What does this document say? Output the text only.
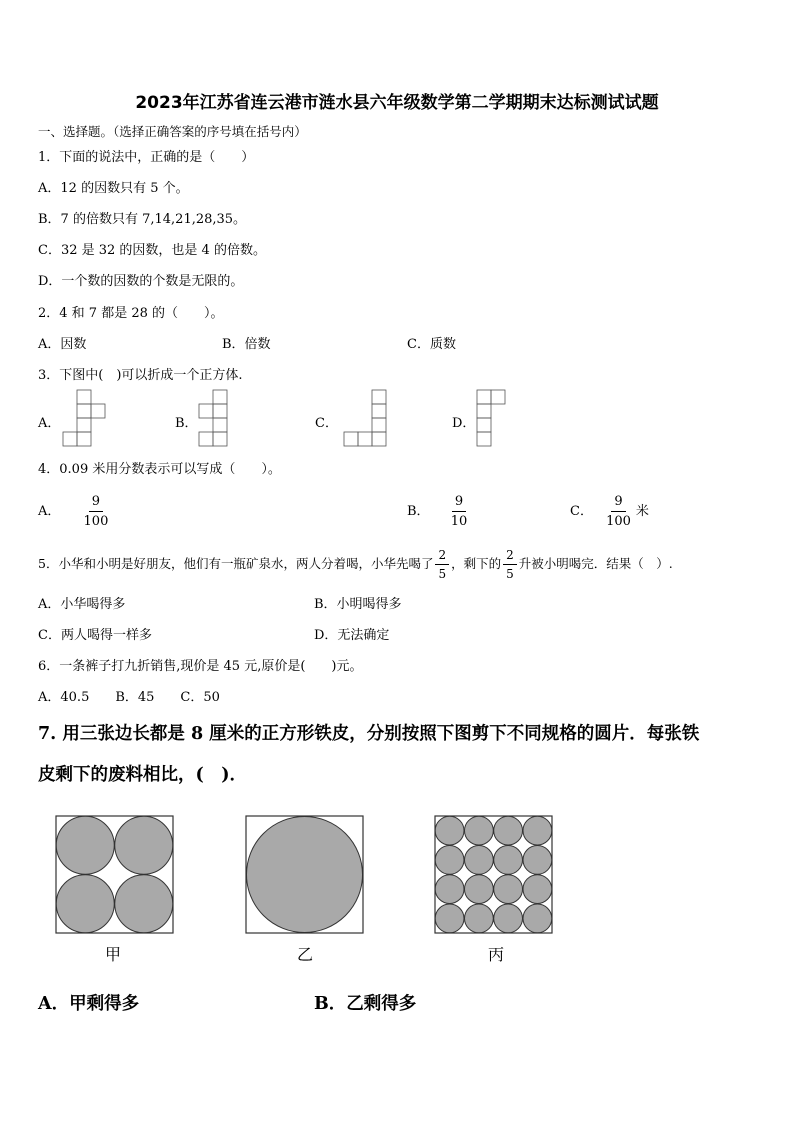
2023年江苏省连云港市涟水县六年级数学第二学期期末达标测试试题
一、选择题。（选择正确答案的序号填在括号内）
1．下面的说法中，正确的是（　　）
A．12 的因数只有 5 个。
B．7 的倍数只有 7,14,21,28,35。
C．32 是 32 的因数，也是 4 的倍数。
D．一个数的因数的个数是无限的。
2．4 和 7 都是 28 的（　　）。
A．因数	B．倍数	C．质数
3．下图中(　)可以折成一个正方体.
A．	B．	C．	D．
4．0.09 米用分数表示可以写成（　　）。
A． $\frac{9}{100}$	B． $\frac{9}{10}$	C． $\frac{9}{100}$ 米
5．小华和小明是好朋友，他们有一瓶矿泉水，两人分着喝，小华先喝了 $\frac{2}{5}$ ，剩下的 $\frac{2}{5}$ 升被小明喝完．结果（　）.
A．小华喝得多	B．小明喝得多
C．两人喝得一样多	D．无法确定
6．一条裤子打九折销售,现价是 45 元,原价是(　　)元。
A．40.5　　B．45　　C．50
7. 用三张边长都是 8 厘米的正方形铁皮，分别按照下图剪下不同规格的圆片．每张铁
皮剩下的废料相比，(　)．
甲	乙	丙
A．甲剩得多	B．乙剩得多
